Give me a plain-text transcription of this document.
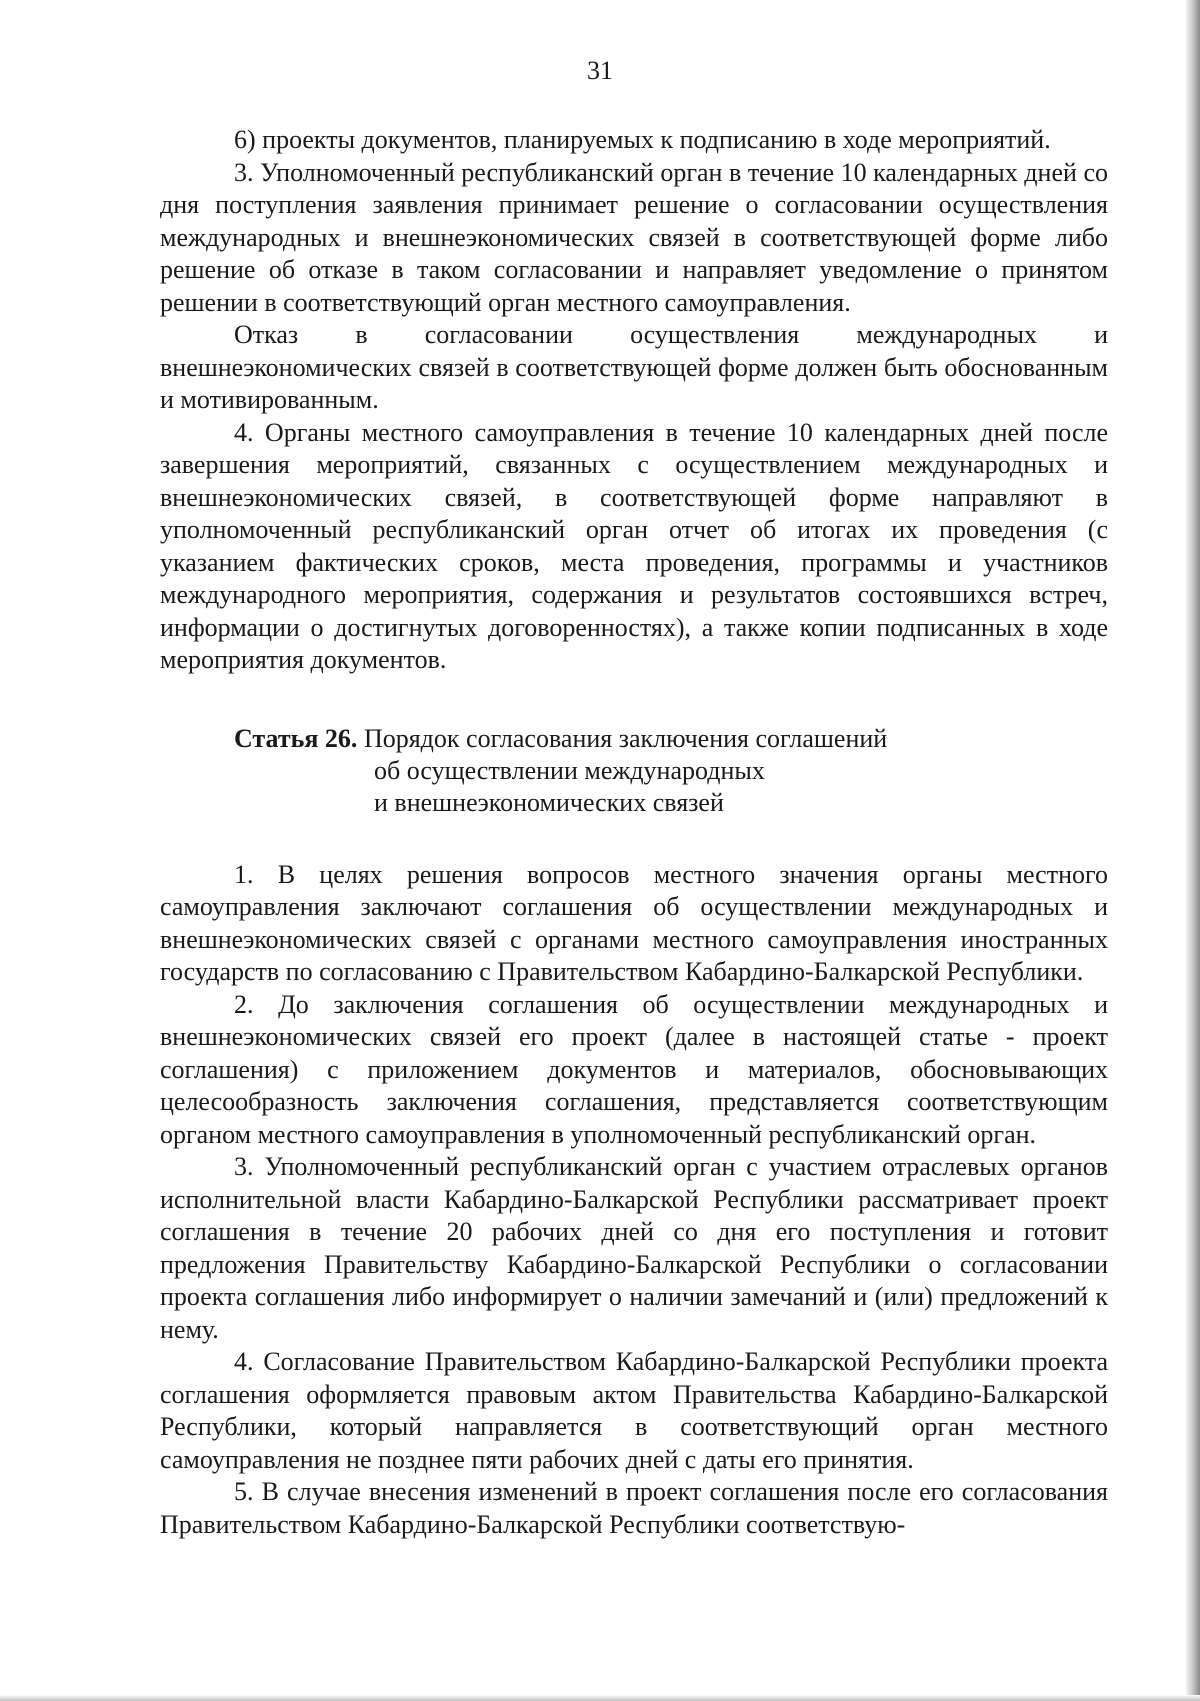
31

6) проекты документов, планируемых к подписанию в ходе мероприятий.

3. Уполномоченный республиканский орган в течение 10 календарных дней со дня поступления заявления принимает решение о согласовании осуществления международных и внешнеэкономических связей в соответствующей форме либо решение об отказе в таком согласовании и направляет уведомление о принятом решении в соответствующий орган местного самоуправления.

Отказ в согласовании осуществления международных и внешнеэкономических связей в соответствующей форме должен быть обоснованным и мотивированным.

4. Органы местного самоуправления в течение 10 календарных дней после завершения мероприятий, связанных с осуществлением международных и внешнеэкономических связей, в соответствующей форме направляют в уполномоченный республиканский орган отчет об итогах их проведения (с указанием фактических сроков, места проведения, программы и участников международного мероприятия, содержания и результатов состоявшихся встреч, информации о достигнутых договоренностях), а также копии подписанных в ходе мероприятия документов.

Статья 26. Порядок согласования заключения соглашений
об осуществлении международных
и внешнеэкономических связей

1. В целях решения вопросов местного значения органы местного самоуправления заключают соглашения об осуществлении международных и внешнеэкономических связей с органами местного самоуправления иностранных государств по согласованию с Правительством Кабардино-Балкарской Республики.

2. До заключения соглашения об осуществлении международных и внешнеэкономических связей его проект (далее в настоящей статье - проект соглашения) с приложением документов и материалов, обосновывающих целесообразность заключения соглашения, представляется соответствующим органом местного самоуправления в уполномоченный республиканский орган.

3. Уполномоченный республиканский орган с участием отраслевых органов исполнительной власти Кабардино-Балкарской Республики рассматривает проект соглашения в течение 20 рабочих дней со дня его поступления и готовит предложения Правительству Кабардино-Балкарской Республики о согласовании проекта соглашения либо информирует о наличии замечаний и (или) предложений к нему.

4. Согласование Правительством Кабардино-Балкарской Республики проекта соглашения оформляется правовым актом Правительства Кабардино-Балкарской Республики, который направляется в соответствующий орган местного самоуправления не позднее пяти рабочих дней с даты его принятия.

5. В случае внесения изменений в проект соглашения после его согласования Правительством Кабардино-Балкарской Республики соответствую-
